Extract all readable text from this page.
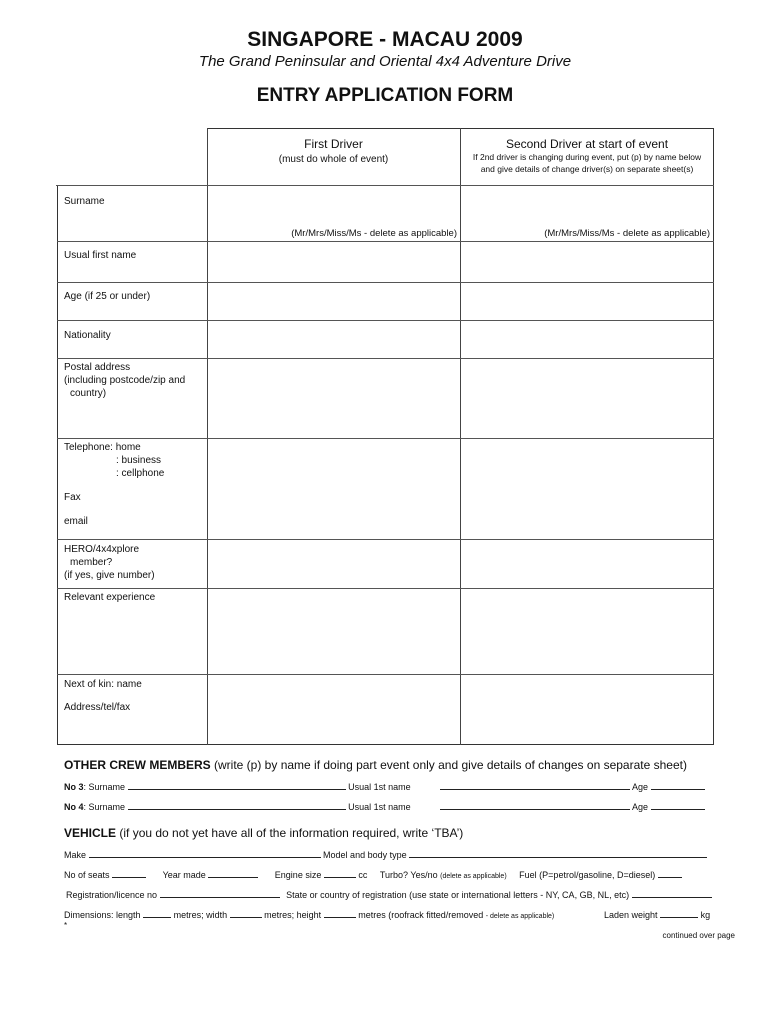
SINGAPORE - MACAU 2009
The Grand Peninsular and Oriental 4x4 Adventure Drive
ENTRY APPLICATION FORM
First Driver
(must do whole of event)
Second Driver at start of event
If 2nd driver is changing during event, put (p) by name below
and give details of change driver(s) on separate sheet(s)
Surname
(Mr/Mrs/Miss/Ms - delete as applicable)	(Mr/Mrs/Miss/Ms - delete as applicable)
Usual first name
Age (if 25 or under)
Nationality
Postal address
(including postcode/zip and
country)
Telephone: home
: business
: cellphone
Fax
email
HERO/4x4xplore
member?
(if yes, give number)
Relevant experience
Next of kin: name
Address/tel/fax
OTHER CREW MEMBERS (write (p) by name if doing part event only and give details of changes on separate sheet)
No 3: Surname	Usual 1st name	Age
No 4: Surname	Usual 1st name	Age
VEHICLE (if you do not yet have all of the information required, write ‘TBA’)
Make	Model and body type
No of seats	Year made	Engine size	cc Turbo? Yes/no (delete as applicable) Fuel (P=petrol/gasoline, D=diesel)
Registration/licence no	State or country of registration (use state or international letters - NY, CA, GB, NL, etc)
Dimensions: length	metres; width	metres; height	metres (roofrack fitted/removed - delete as applicable)	Laden weight	kg
*
continued over page
